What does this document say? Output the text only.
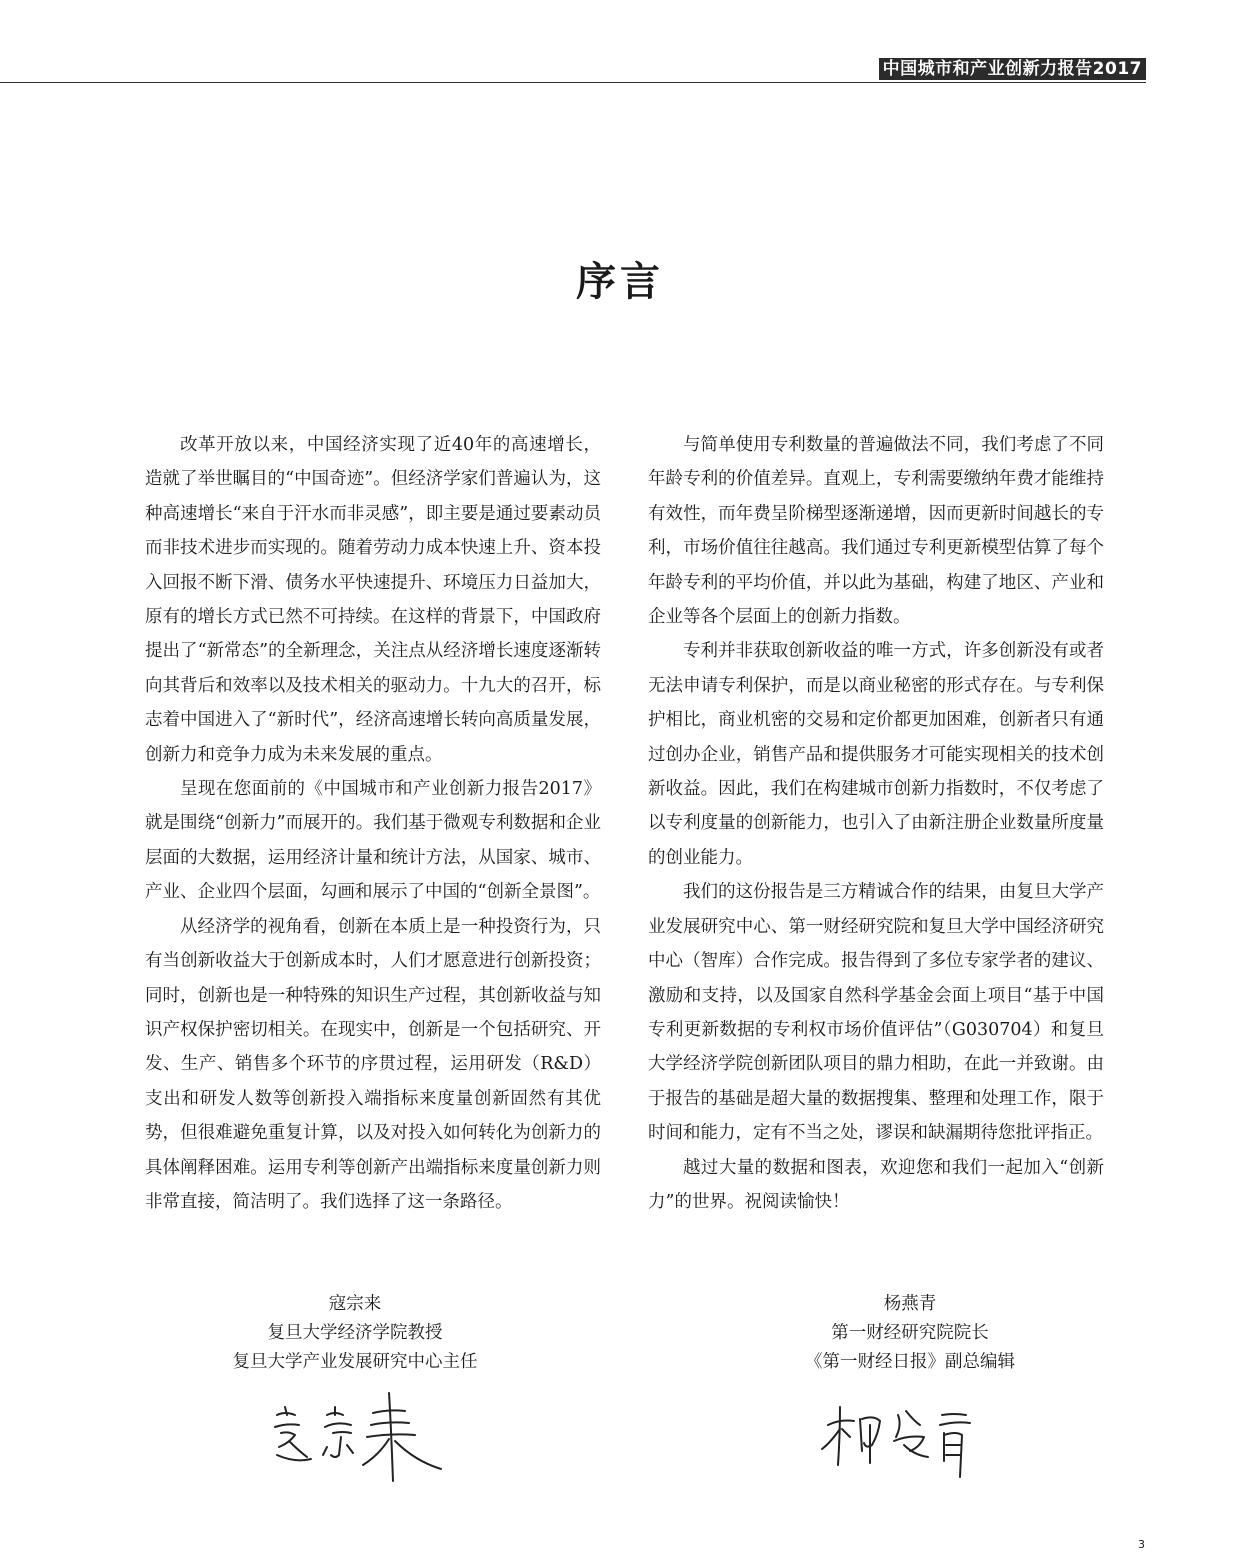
中国城市和产业创新力报告2017
序言

改革开放以来，中国经济实现了近40年的高速增长，造就了举世瞩目的“中国奇迹”。但经济学家们普遍认为，这种高速增长“来自于汗水而非灵感”，即主要是通过要素动员而非技术进步而实现的。随着劳动力成本快速上升、资本投入回报不断下滑、债务水平快速提升、环境压力日益加大，原有的增长方式已然不可持续。在这样的背景下，中国政府提出了“新常态”的全新理念，关注点从经济增长速度逐渐转向其背后和效率以及技术相关的驱动力。十九大的召开，标志着中国进入了“新时代”，经济高速增长转向高质量发展，创新力和竞争力成为未来发展的重点。

呈现在您面前的《中国城市和产业创新力报告2017》就是围绕“创新力”而展开的。我们基于微观专利数据和企业层面的大数据，运用经济计量和统计方法，从国家、城市、产业、企业四个层面，勾画和展示了中国的“创新全景图”。

从经济学的视角看，创新在本质上是一种投资行为，只有当创新收益大于创新成本时，人们才愿意进行创新投资；同时，创新也是一种特殊的知识生产过程，其创新收益与知识产权保护密切相关。在现实中，创新是一个包括研究、开发、生产、销售多个环节的序贯过程，运用研发（R&D）支出和研发人数等创新投入端指标来度量创新固然有其优势，但很难避免重复计算，以及对投入如何转化为创新力的具体阐释困难。运用专利等创新产出端指标来度量创新力则非常直接，简洁明了。我们选择了这一条路径。

与简单使用专利数量的普遍做法不同，我们考虑了不同年龄专利的价值差异。直观上，专利需要缴纳年费才能维持有效性，而年费呈阶梯型逐渐递增，因而更新时间越长的专利，市场价值往往越高。我们通过专利更新模型估算了每个年龄专利的平均价值，并以此为基础，构建了地区、产业和企业等各个层面上的创新力指数。

专利并非获取创新收益的唯一方式，许多创新没有或者无法申请专利保护，而是以商业秘密的形式存在。与专利保护相比，商业机密的交易和定价都更加困难，创新者只有通过创办企业，销售产品和提供服务才可能实现相关的技术创新收益。因此，我们在构建城市创新力指数时，不仅考虑了以专利度量的创新能力，也引入了由新注册企业数量所度量的创业能力。

我们的这份报告是三方精诚合作的结果，由复旦大学产业发展研究中心、第一财经研究院和复旦大学中国经济研究中心（智库）合作完成。报告得到了多位专家学者的建议、激励和支持，以及国家自然科学基金会面上项目“基于中国专利更新数据的专利权市场价值评估”（G030704）和复旦大学经济学院创新团队项目的鼎力相助，在此一并致谢。由于报告的基础是超大量的数据搜集、整理和处理工作，限于时间和能力，定有不当之处，谬误和缺漏期待您批评指正。

越过大量的数据和图表，欢迎您和我们一起加入“创新力”的世界。祝阅读愉快！

寇宗来
复旦大学经济学院教授
复旦大学产业发展研究中心主任
杨燕青
第一财经研究院院长
《第一财经日报》副总编辑
3
